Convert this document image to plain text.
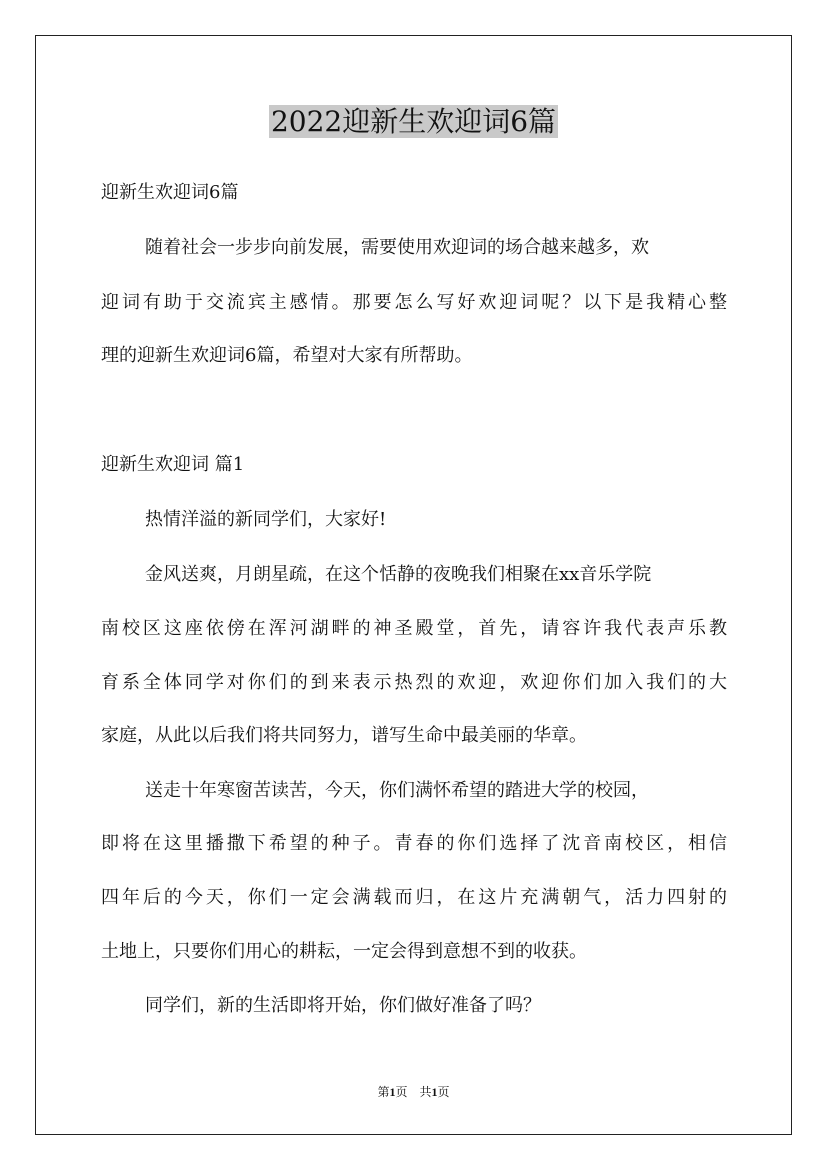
2022迎新生欢迎词6篇

迎新生欢迎词6篇

随着社会一步步向前发展，需要使用欢迎词的场合越来越多，欢

迎词有助于交流宾主感情。那要怎么写好欢迎词呢？以下是我精心整

理的迎新生欢迎词6篇，希望对大家有所帮助。

迎新生欢迎词 篇1

热情洋溢的新同学们，大家好!

金风送爽，月朗星疏，在这个恬静的夜晚我们相聚在xx音乐学院

南校区这座依傍在浑河湖畔的神圣殿堂，首先，请容许我代表声乐教

育系全体同学对你们的到来表示热烈的欢迎，欢迎你们加入我们的大

家庭，从此以后我们将共同努力，谱写生命中最美丽的华章。

送走十年寒窗苦读苦，今天，你们满怀希望的踏进大学的校园，

即将在这里播撒下希望的种子。青春的你们选择了沈音南校区，相信

四年后的今天，你们一定会满载而归，在这片充满朝气，活力四射的

土地上，只要你们用心的耕耘，一定会得到意想不到的收获。

同学们，新的生活即将开始，你们做好准备了吗？

第1页　共1页
